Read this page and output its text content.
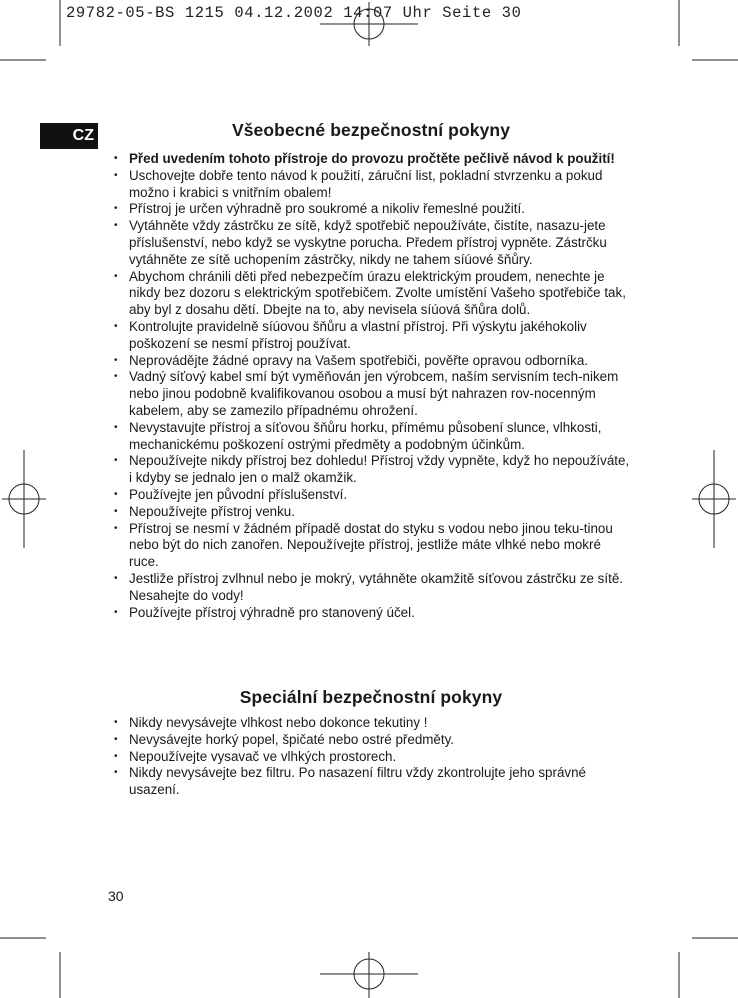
29782-05-BS 1215 04.12.2002 14:07 Uhr Seite 30
CZ	Všeobecné bezpečnostní pokyny
• Před uvedením tohoto přístroje do provozu pročtěte pečlivě návod k použití!
• Uschovejte dobře tento návod k použití, záruční list, pokladní stvrzenku a pokud možno i krabici s vnitřním obalem!
• Přístroj je určen výhradně pro soukromé a nikoliv řemeslné použití.
• Vytáhněte vždy zástrčku ze sítě, když spotřebič nepoužíváte, čistíte, nasazu-jete příslušenství, nebo když se vyskytne porucha. Předem přístroj vypněte. Zástrčku vytáhněte ze sítě uchopením zástrčky, nikdy ne tahem síúové šňůry.
• Abychom chránili děti před nebezpečím úrazu elektrickým proudem, nenechte je nikdy bez dozoru s elektrickým spotřebičem. Zvolte umístění Vašeho spotřebiče tak, aby byl z dosahu dětí. Dbejte na to, aby nevisela síúová šňůra dolů.
• Kontrolujte pravidelně síúovou šňůru a vlastní přístroj. Při výskytu jakéhokoliv poškození se nesmí přístroj používat.
• Neprovádějte žádné opravy na Vašem spotřebiči, pověřte opravou odborníka.
• Vadný síťový kabel smí být vyměňován jen výrobcem, naším servisním tech-nikem nebo jinou podobně kvalifikovanou osobou a musí být nahrazen rov-nocenným kabelem, aby se zamezilo případnému ohrožení.
• Nevystavujte přístroj a síťovou šňůru horku, přímému působení slunce, vlhkosti, mechanickému poškození ostrými předměty a podobným účinkům.
• Nepoužívejte nikdy přístroj bez dohledu! Přístroj vždy vypněte, když ho nepoužíváte, i kdyby se jednalo jen o malž okamžik.
• Používejte jen původní příslušenství.
• Nepoužívejte přístroj venku.
• Přístroj se nesmí v žádném případě dostat do styku s vodou nebo jinou teku-tinou nebo být do nich zanořen. Nepoužívejte přístroj, jestliže máte vlhké nebo mokré ruce.
• Jestliže přístroj zvlhnul nebo je mokrý, vytáhněte okamžitě síťovou zástrčku ze sítě. Nesahejte do vody!
• Používejte přístroj výhradně pro stanovený účel.
Speciální bezpečnostní pokyny
• Nikdy nevysávejte vlhkost nebo dokonce tekutiny !
• Nevysávejte horký popel, špičaté nebo ostré předměty.
• Nepoužívejte vysavač ve vlhkých prostorech.
• Nikdy nevysávejte bez filtru. Po nasazení filtru vždy zkontrolujte jeho správné usazení.
30
